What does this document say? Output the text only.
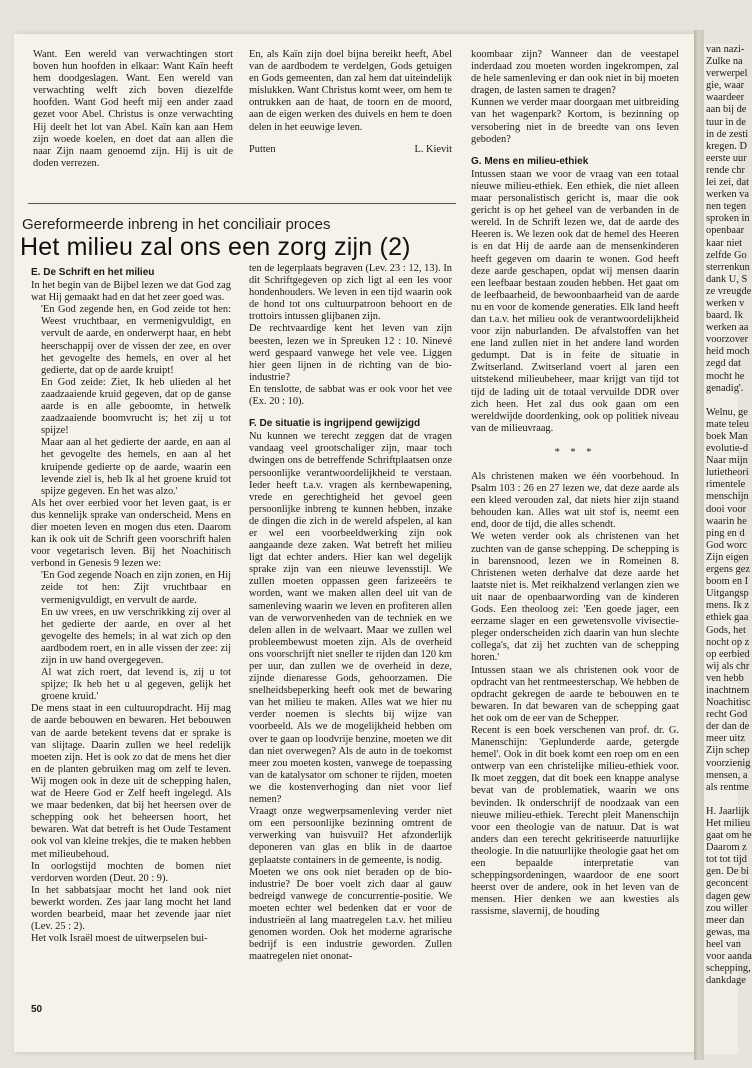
van nazi-
Zulke na
verwerpel
gie, waar
waardeer
aan bij de
tuur in de
in de zesti
kregen. D
eerste uur
rende chr
lei zei, dat
werken va
nen tegen
sproken in
openbaar
kaar niet
zelfde Go
sterrenkun
dank U, S
ze vreugde
werken v
baard. Ik
werken aa
voorzover
heid moch
zegd dat
mocht he
genadig'.
Welnu, ge
mate teleu
boek Man
evolutie-d
Naar mijn
lutietheori
rimentele
menschijn
dooi voor
waarin he
ping en d
God worc
Zijn eigen
ergens gez
boom en I
Uitgangsp
mens. Ik z
ethiek gaa
Gods, het
nocht op z
op eerbied
wij als chr
ven hebb
inachtnem
Noachitisc
recht God
der dan de
meer uitz
Zijn schep
voorzienig
mensen, a
als rentme
H. Jaarlijk
Het milieu
gaat om he
Daarom z
tot tot tijd
gen. De bi
geconcent
dagen gew
zou willer
meer dan
gewas, ma
heel van
voor aanda
schepping,
dankdage

Want. Een wereld van verwachtingen stort boven hun hoofden in elkaar: Want Kaïn heeft hem doodgeslagen. Want. Een wereld van verwachting welft zich boven diezelfde hoofden. Want God heeft mij een ander zaad gezet voor Abel. Christus is onze verwachting Hij deelt het lot van Abel. Kaïn kan aan Hem zijn woede koelen, en doet dat aan allen die naar Zijn naam genoemd zijn. Hij is uit de doden verrezen.

En, als Kaïn zijn doel bijna bereikt heeft, Abel van de aardbodem te verdelgen, Gods getuigen en Gods gemeenten, dan zal hem dat uiteindelijk mislukken. Want Christus komt weer, om hem te ontrukken aan de haat, de toorn en de moord, aan de eigen werken des duivels en hem te doen delen in het eeuwige leven.

Putten	L. Kievit
Gereformeerde inbreng in het conciliair proces
Het milieu zal ons een zorg zijn (2)
E. De Schrift en het milieu

In het begin van de Bijbel lezen we dat God zag wat Hij gemaakt had en dat het zeer goed was.

'En God zegende hen, en God zeide tot hen: Weest vruchtbaar, en vermenigvuldigt, en vervult de aarde, en onderwerpt haar, en hebt heerschappij over de vissen der zee, en over het gevogelte des hemels, en over al het gedierte, dat op de aarde kruipt!

En God zeide: Ziet, Ik heb ulieden al het zaadzaaiende kruid gegeven, dat op de ganse aarde is en alle geboomte, in hetwelk zaadzaaiende boomvrucht is; het zij u tot spijze!

Maar aan al het gedierte der aarde, en aan al het gevogelte des hemels, en aan al het kruipende gedierte op de aarde, waarin een levende ziel is, heb Ik al het groene kruid tot spijze gegeven. En het was alzo.'

Als het over eerbied voor het leven gaat, is er dus kennelijk sprake van onderscheid. Mens en dier moeten leven en mogen dus eten. Daarom kan ik ook uit de Schrift geen voorschrift halen voor vegetarisch leven. Bij het Noachitisch verbond in Genesis 9 lezen we:

'En God zegende Noach en zijn zonen, en Hij zeide tot hen: Zijt vruchtbaar en vermenigvuldigt, en vervult de aarde.

En uw vrees, en uw verschrikking zij over al het gedierte der aarde, en over al het gevogelte des hemels; in al wat zich op den aardbodem roert, en in alle vissen der zee: zij zijn in uw hand overgegeven.

Al wat zich roert, dat levend is, zij u tot spijze; Ik heb het u al gegeven, gelijk het groene kruid.'

De mens staat in een cultuuropdracht. Hij mag de aarde bebouwen en bewaren. Het bebouwen van de aarde betekent tevens dat er sprake is van slijtage. Daarin zullen we heel redelijk moeten zijn. Het is ook zo dat de mens het dier en de planten gebruiken mag om zelf te leven. Wij mogen ook in deze uit de schepping halen, wat de Heere God er Zelf heeft ingelegd. Als we maar bedenken, dat bij het heersen over de schepping ook het beheersen hoort, het bewaren. Wat dat betreft is het Oude Testament ook vol van kleine trekjes, die te maken hebben met milieubehoud.

In oorlogstijd mochten de bomen niet verdorven worden (Deut. 20 : 9).

In het sabbatsjaar mocht het land ook niet bewerkt worden. Zes jaar lang mocht het land worden bearbeid, maar het zevende jaar niet (Lev. 25 : 2).

Het volk Israël moest de uitwerpselen bui-

ten de legerplaats begraven (Lev. 23 : 12, 13). In dit Schriftgegeven op zich ligt al een les voor hondenhouders. We leven in een tijd waarin ook de hond tot ons cultuurpatroon behoort en de trottoirs intussen glijbanen zijn.

De rechtvaardige kent het leven van zijn beesten, lezen we in Spreuken 12 : 10. Ninevé werd gespaard vanwege het vele vee. Liggen hier geen lijnen in de richting van de bio-industrie?

En tenslotte, de sabbat was er ook voor het vee (Ex. 20 : 10).

F. De situatie is ingrijpend gewijzigd

Nu kunnen we terecht zeggen dat de vragen vandaag veel grootschaliger zijn, maar toch dwingen ons de betreffende Schriftplaatsen onze persoonlijke verantwoordelijkheid te verstaan. Ieder heeft t.a.v. vragen als kernbewapening, vrede en gerechtigheid het gevoel geen persoonlijke inbreng te kunnen hebben, inzake de dingen die zich in de wereld afspelen, al kan er wel een voorbeeldwerking zijn ook aangaande deze zaken. Wat betreft het milieu ligt dat echter anders. Hier kan wel degelijk sprake zijn van een nieuwe levensstijl. We zullen moeten oppassen geen farizeeërs te worden, want we maken allen deel uit van de samenleving waarin we leven en profiteren allen van de verworvenheden van de techniek en we delen allen in de welvaart. Maar we zullen wel probleembewust moeten zijn. Als de overheid ons voorschrijft niet sneller te rijden dan 120 km per uur, dan zullen we de overheid in deze, zijnde dienaresse Gods, gehoorzamen. Die snelheidsbeperking heeft ook met de bewaring van het milieu te maken. Alles wat we hier nu verder noemen is slechts bij wijze van voorbeeld. Als we de mogelijkheid hebben om over te gaan op loodvrije benzine, moeten we dit dan niet overwegen? Als de auto in de toekomst meer zou moeten kosten, vanwege de toepassing van de katalysator om schoner te rijden, moeten we die kostenverhoging dan niet voor lief nemen?

Vraagt onze wegwerpsamenleving verder niet om een persoonlijke bezinning omtrent de verwerking van huisvuil? Het afzonderlijk deponeren van glas en blik in de daartoe geplaatste containers in de gemeente, is nodig.

Moeten we ons ook niet beraden op de bio-industrie? De boer voelt zich daar al gauw bedreigd vanwege de concurrentie-positie. We moeten echter wel bedenken dat er voor de industrieën al lang maatregelen t.a.v. het milieu genomen worden. Ook het moderne agrarische bedrijf is een industrie geworden. Zullen maatregelen niet ononat-

koombaar zijn? Wanneer dan de veestapel inderdaad zou moeten worden ingekrompen, zal de hele samenleving er dan ook niet in bij moeten dragen, de lasten samen te dragen?

Kunnen we verder maar doorgaan met uitbreiding van het wagenpark? Kortom, is bezinning op versobering niet in de breedte van ons leven geboden?

G. Mens en milieu-ethiek

Intussen staan we voor de vraag van een totaal nieuwe milieu-ethiek. Een ethiek, die niet alleen maar personalistisch gericht is, maar die ook gericht is op het geheel van de verbanden in de wereld. In de Schrift lezen we, dat de aarde des Heeren is. We lezen ook dat de hemel des Heeren is en dat Hij de aarde aan de mensenkinderen heeft gegeven om daarin te wonen. God heeft deze aarde geschapen, opdat wij mensen daarin een leefbaar bestaan zouden hebben. Het gaat om de leefbaarheid, de bewoonbaarheid van de aarde nu en voor de komende generaties. Elk land heeft dan t.a.v. het milieu ook de verantwoordelijkheid voor zijn naburlanden. De afvalstoffen van het ene land zullen niet in het andere land worden gedumpt. Dat is in feite de situatie in Zwitserland. Zwitserland voert al jaren een uitstekend milieubeheer, maar krijgt van tijd tot tijd de lading uit de totaal vervuilde DDR over zich heen. Het zal dus ook gaan om een wereldwijde doordenking, ook op politiek niveau van de milieuvraag.

* * *

Als christenen maken we één voorbehoud. In Psalm 103 : 26 en 27 lezen we, dat deze aarde als een kleed verouden zal, dat niets hier zijn staand behouden kan. Alles wat uit stof is, neemt een end, door de tijd, die alles schendt.

We weten verder ook als christenen van het zuchten van de ganse schepping. De schepping is in barensnood, lezen we in Romeinen 8. Christenen weten derhalve dat deze aarde het laatste niet is. Met reikhalzend verlangen zien we uit naar de openbaarwording van de kinderen Gods. Een theoloog zei: 'Een goede jager, een eerzame slager en een gewetensvolle vivisectie-pleger onderscheiden zich daarin van hun slechte collega's, dat zij het zuchten van de schepping horen.'

Intussen staan we als christenen ook voor de opdracht van het rentmeesterschap. We hebben de opdracht gekregen de aarde te bebouwen en te bewaren. In dat bewaren van de schepping gaat het ook om de eer van de Schepper.

Recent is een boek verschenen van prof. dr. G. Manenschijn: 'Geplunderde aarde, getergde hemel'. Ook in dit boek komt een roep om en een ontwerp van een christelijke milieu-ethiek voor. Ik moet zeggen, dat dit boek een knappe analyse bevat van de problematiek, waarin we ons bevinden. Ik onderschrijf de noodzaak van een nieuwe milieu-ethiek. Terecht pleit Manenschijn voor een theologie van de natuur. Dat is wat anders dan een terecht gekritiseerde natuurlijke theologie. In die natuurlijke theologie gaat het om een bepaalde interpretatie van scheppingsordeningen, waardoor de ene soort heerst over de andere, ook in het leven van de mensen. Hier denken we aan kwesties als rassisme, slavernij, de houding

50
